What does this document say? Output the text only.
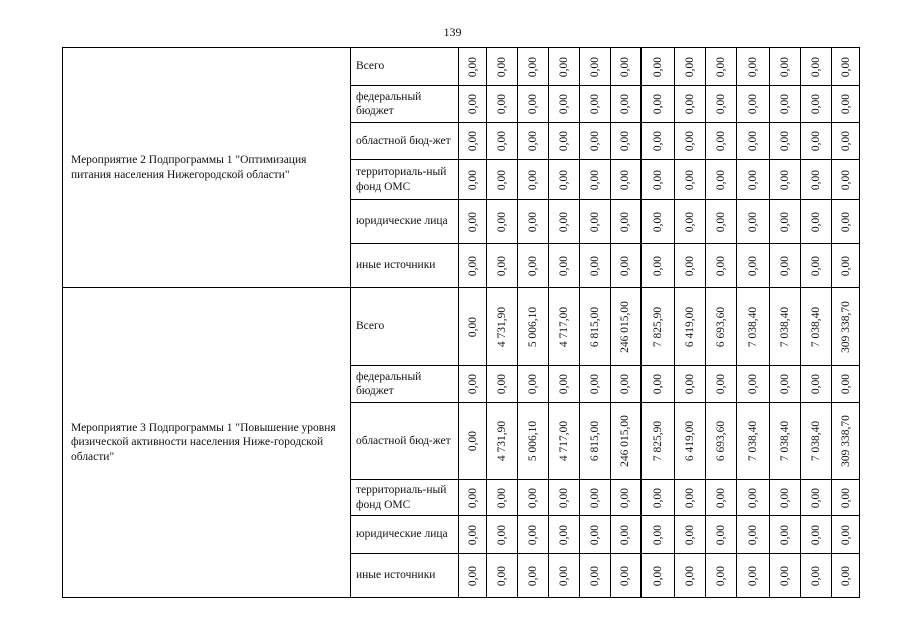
139
Мероприятие 2 Подпрограммы 1 "Оптимизация питания населения Нижегородской области"	Всего	0,00	0,00	0,00	0,00	0,00	0,00	0,00	0,00	0,00	0,00	0,00	0,00	0,00

	федеральный бюджет	0,00	0,00	0,00	0,00	0,00	0,00	0,00	0,00	0,00	0,00	0,00	0,00	0,00

	областной бюд-жет	0,00	0,00	0,00	0,00	0,00	0,00	0,00	0,00	0,00	0,00	0,00	0,00	0,00

	территориаль-ный фонд ОМС	0,00	0,00	0,00	0,00	0,00	0,00	0,00	0,00	0,00	0,00	0,00	0,00	0,00

	юридические лица	0,00	0,00	0,00	0,00	0,00	0,00	0,00	0,00	0,00	0,00	0,00	0,00	0,00

	иные источники	0,00	0,00	0,00	0,00	0,00	0,00	0,00	0,00	0,00	0,00	0,00	0,00	0,00

Мероприятие 3 Подпрограммы 1 "Повышение уровня физической активности населения Ниже-городской области"	Всего	0,00	4 731,90	5 006,10	4 717,00	6 815,00	246 015,00	7 825,90	6 419,00	6 693,60	7 038,40	7 038,40	7 038,40	309 338,70

	федеральный бюджет	0,00	0,00	0,00	0,00	0,00	0,00	0,00	0,00	0,00	0,00	0,00	0,00	0,00

	областной бюд-жет	0,00	4 731,90	5 006,10	4 717,00	6 815,00	246 015,00	7 825,90	6 419,00	6 693,60	7 038,40	7 038,40	7 038,40	309 338,70

	территориаль-ный фонд ОМС	0,00	0,00	0,00	0,00	0,00	0,00	0,00	0,00	0,00	0,00	0,00	0,00	0,00

	юридические лица	0,00	0,00	0,00	0,00	0,00	0,00	0,00	0,00	0,00	0,00	0,00	0,00	0,00

	иные источники	0,00	0,00	0,00	0,00	0,00	0,00	0,00	0,00	0,00	0,00	0,00	0,00	0,00
